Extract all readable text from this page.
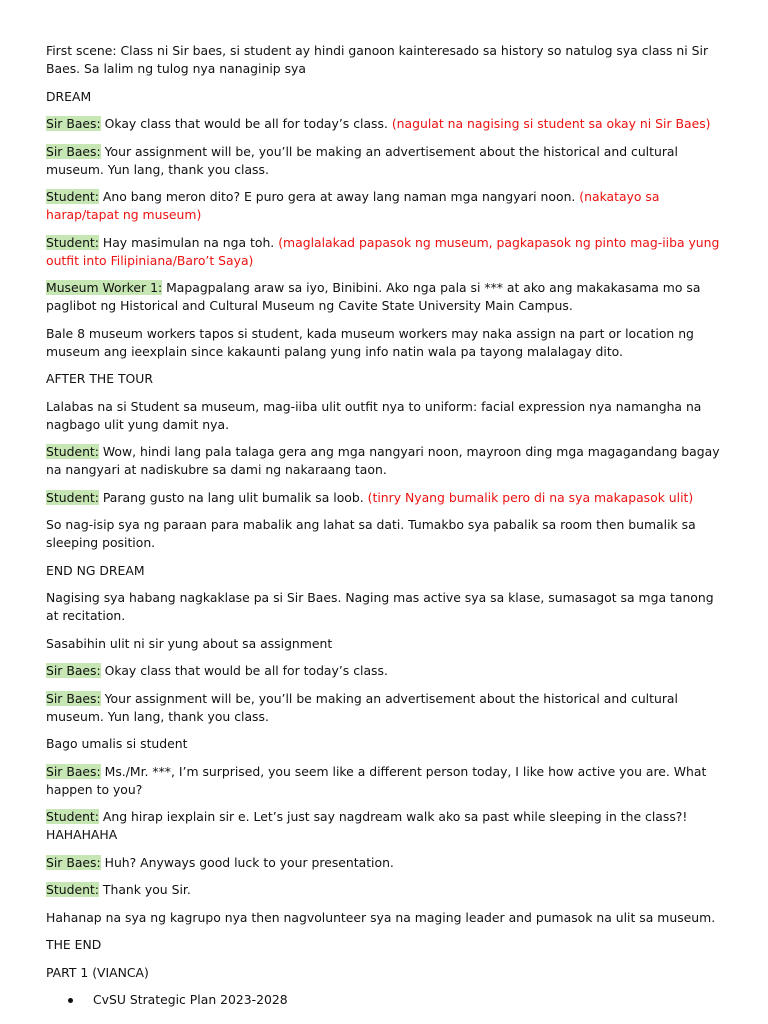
First scene: Class ni Sir baes, si student ay hindi ganoon kainteresado sa history so natulog sya class ni Sir Baes. Sa lalim ng tulog nya nanaginip sya

DREAM

Sir Baes: Okay class that would be all for today’s class. (nagulat na nagising si student sa okay ni Sir Baes)

Sir Baes: Your assignment will be, you’ll be making an advertisement about the historical and cultural museum. Yun lang, thank you class.

Student: Ano bang meron dito? E puro gera at away lang naman mga nangyari noon. (nakatayo sa harap/tapat ng museum)

Student: Hay masimulan na nga toh. (maglalakad papasok ng museum, pagkapasok ng pinto mag-iiba yung outfit into Filipiniana/Baro’t Saya)

Museum Worker 1: Mapagpalang araw sa iyo, Binibini. Ako nga pala si *** at ako ang makakasama mo sa paglibot ng Historical and Cultural Museum ng Cavite State University Main Campus.

Bale 8 museum workers tapos si student, kada museum workers may naka assign na part or location ng museum ang ieexplain since kakaunti palang yung info natin wala pa tayong malalagay dito.

AFTER THE TOUR

Lalabas na si Student sa museum, mag-iiba ulit outfit nya to uniform: facial expression nya namangha na nagbago ulit yung damit nya.

Student: Wow, hindi lang pala talaga gera ang mga nangyari noon, mayroon ding mga magagandang bagay na nangyari at nadiskubre sa dami ng nakaraang taon.

Student: Parang gusto na lang ulit bumalik sa loob. (tinry Nyang bumalik pero di na sya makapasok ulit)

So nag-isip sya ng paraan para mabalik ang lahat sa dati. Tumakbo sya pabalik sa room then bumalik sa sleeping position.

END NG DREAM

Nagising sya habang nagkaklase pa si Sir Baes. Naging mas active sya sa klase, sumasagot sa mga tanong at recitation.

Sasabihin ulit ni sir yung about sa assignment

Sir Baes: Okay class that would be all for today’s class.

Sir Baes: Your assignment will be, you’ll be making an advertisement about the historical and cultural museum. Yun lang, thank you class.

Bago umalis si student

Sir Baes: Ms./Mr. ***, I’m surprised, you seem like a different person today, I like how active you are. What happen to you?

Student: Ang hirap iexplain sir e. Let’s just say nagdream walk ako sa past while sleeping in the class?! HAHAHAHA

Sir Baes: Huh? Anyways good luck to your presentation.

Student: Thank you Sir.

Hahanap na sya ng kagrupo nya then nagvolunteer sya na maging leader and pumasok na ulit sa museum.

THE END

PART 1 (VIANCA)

CvSU Strategic Plan 2023-2028
